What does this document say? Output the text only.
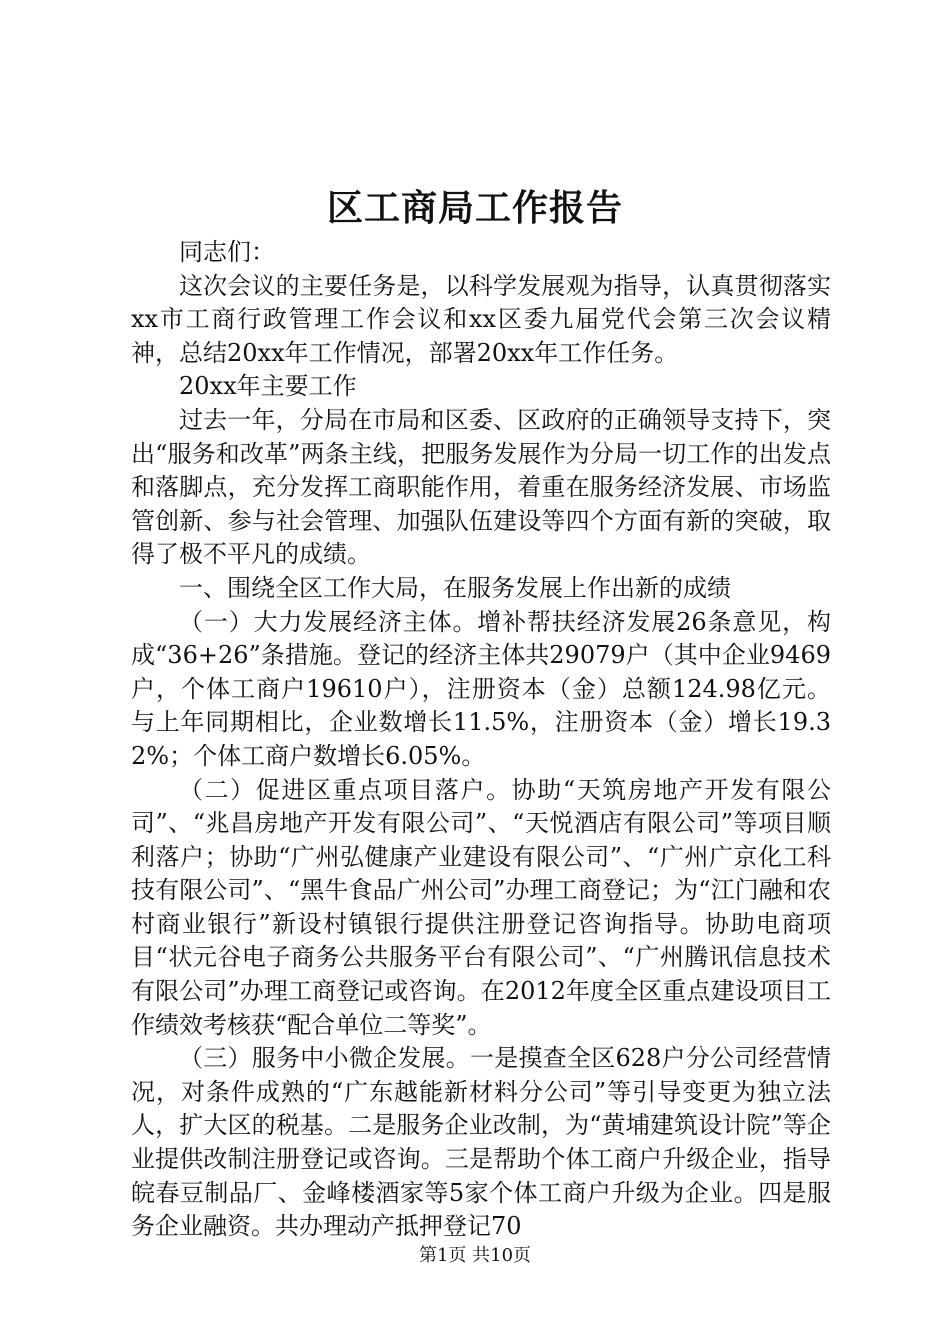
区工商局工作报告

同志们：

这次会议的主要任务是，以科学发展观为指导，认真贯彻落实xx市工商行政管理工作会议和xx区委九届党代会第三次会议精神，总结20xx年工作情况，部署20xx年工作任务。

20xx年主要工作

过去一年，分局在市局和区委、区政府的正确领导支持下，突出“服务和改革”两条主线，把服务发展作为分局一切工作的出发点和落脚点，充分发挥工商职能作用，着重在服务经济发展、市场监管创新、参与社会管理、加强队伍建设等四个方面有新的突破，取得了极不平凡的成绩。

一、围绕全区工作大局，在服务发展上作出新的成绩

（一）大力发展经济主体。增补帮扶经济发展26条意见，构成“36+26”条措施。登记的经济主体共29079户（其中企业9469户，个体工商户19610户），注册资本（金）总额124.98亿元。与上年同期相比，企业数增长11.5%，注册资本（金）增长19.32%；个体工商户数增长6.05%。

（二）促进区重点项目落户。协助“天筑房地产开发有限公司”、“兆昌房地产开发有限公司”、“天悦酒店有限公司”等项目顺利落户；协助“广州弘健康产业建设有限公司”、“广州广京化工科技有限公司”、“黑牛食品广州公司”办理工商登记；为“江门融和农村商业银行”新设村镇银行提供注册登记咨询指导。协助电商项目“状元谷电子商务公共服务平台有限公司”、“广州腾讯信息技术有限公司”办理工商登记或咨询。在2012年度全区重点建设项目工作绩效考核获“配合单位二等奖”。

（三）服务中小微企发展。一是摸查全区628户分公司经营情况，对条件成熟的“广东越能新材料分公司”等引导变更为独立法人，扩大区的税基。二是服务企业改制，为“黄埔建筑设计院”等企业提供改制注册登记或咨询。三是帮助个体工商户升级企业，指导皖春豆制品厂、金峰楼酒家等5家个体工商户升级为企业。四是服务企业融资。共办理动产抵押登记70

第1页 共10页
